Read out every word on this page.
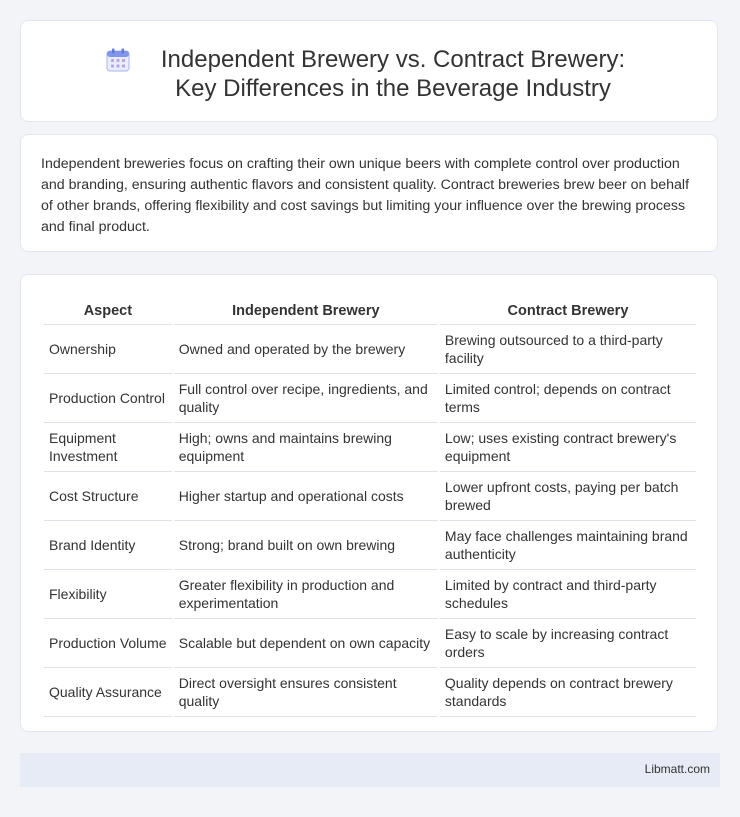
Independent Brewery vs. Contract Brewery: Key Differences in the Beverage Industry

Independent breweries focus on crafting their own unique beers with complete control over production and branding, ensuring authentic flavors and consistent quality. Contract breweries brew beer on behalf of other brands, offering flexibility and cost savings but limiting your influence over the brewing process and final product.

Aspect	Independent Brewery	Contract Brewery
Ownership	Owned and operated by the brewery	Brewing outsourced to a third-party facility
Production Control	Full control over recipe, ingredients, and quality	Limited control; depends on contract terms
Equipment Investment	High; owns and maintains brewing equipment	Low; uses existing contract brewery's equipment
Cost Structure	Higher startup and operational costs	Lower upfront costs, paying per batch brewed
Brand Identity	Strong; brand built on own brewing	May face challenges maintaining brand authenticity
Flexibility	Greater flexibility in production and experimentation	Limited by contract and third-party schedules
Production Volume	Scalable but dependent on own capacity	Easy to scale by increasing contract orders
Quality Assurance	Direct oversight ensures consistent quality	Quality depends on contract brewery standards
Libmatt.com
